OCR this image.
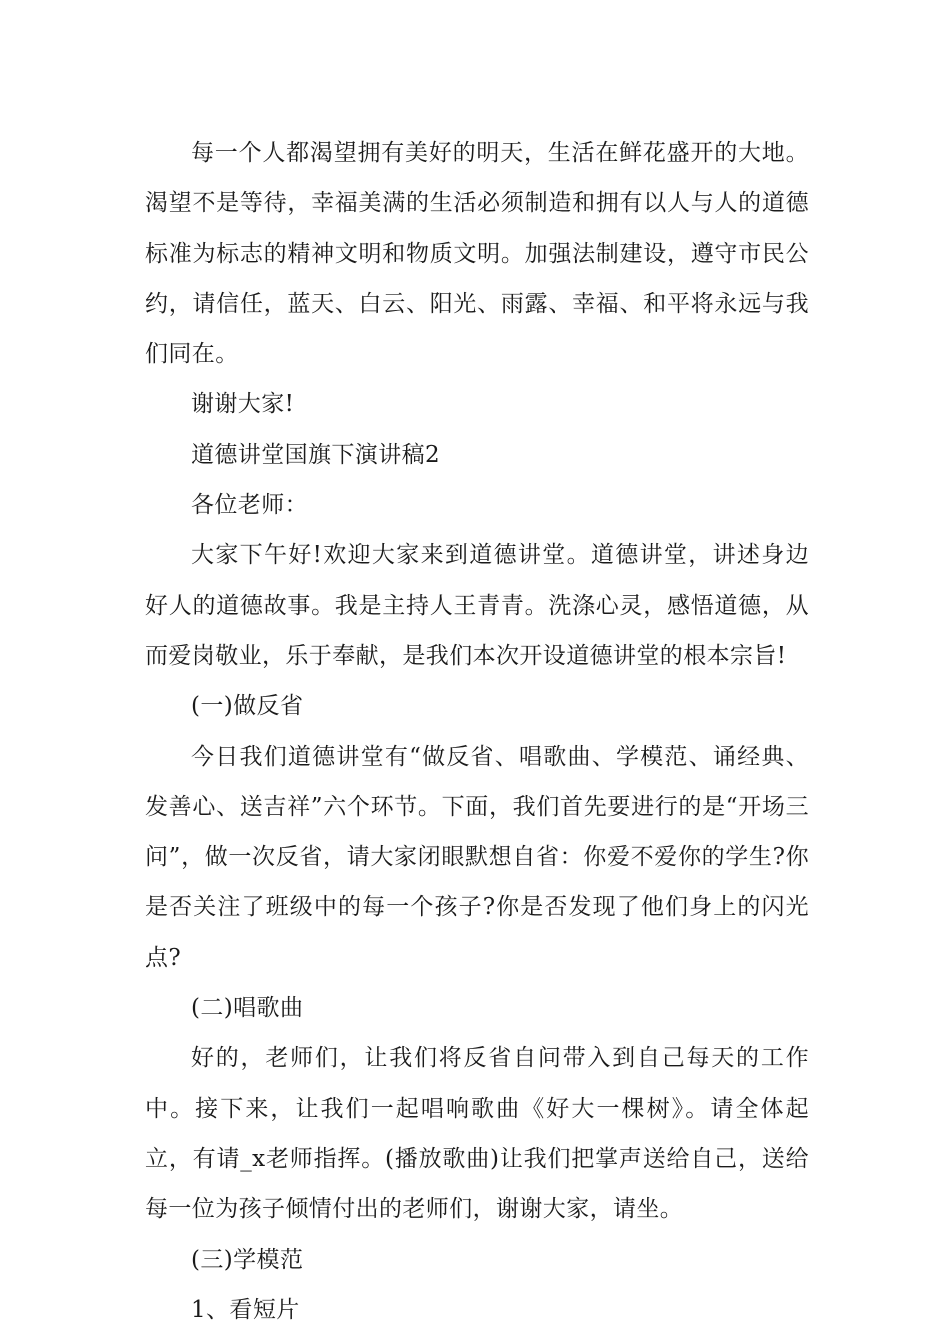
每一个人都渴望拥有美好的明天，生活在鲜花盛开的大地。渴望不是等待，幸福美满的生活必须制造和拥有以人与人的道德标准为标志的精神文明和物质文明。加强法制建设，遵守市民公约，请信任，蓝天、白云、阳光、雨露、幸福、和平将永远与我们同在。

谢谢大家!

道德讲堂国旗下演讲稿2

各位老师：

大家下午好!欢迎大家来到道德讲堂。道德讲堂，讲述身边好人的道德故事。我是主持人王青青。洗涤心灵，感悟道德，从而爱岗敬业，乐于奉献，是我们本次开设道德讲堂的根本宗旨!

(一)做反省

今日我们道德讲堂有“做反省、唱歌曲、学模范、诵经典、发善心、送吉祥”六个环节。下面，我们首先要进行的是“开场三问”，做一次反省，请大家闭眼默想自省：你爱不爱你的学生?你是否关注了班级中的每一个孩子?你是否发现了他们身上的闪光点?

(二)唱歌曲

好的，老师们，让我们将反省自问带入到自己每天的工作中。接下来，让我们一起唱响歌曲《好大一棵树》。请全体起立，有请_x老师指挥。(播放歌曲)让我们把掌声送给自己，送给每一位为孩子倾情付出的老师们，谢谢大家，请坐。

(三)学模范

1、看短片
